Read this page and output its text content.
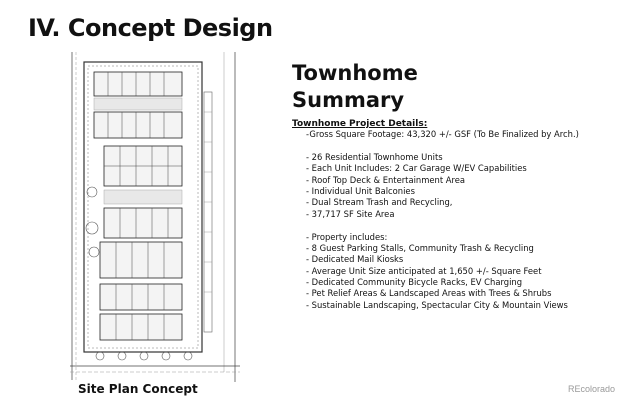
IV. Concept Design
Site Plan Concept
Townhome
Summary
Townhome Project Details:
-Gross Square Footage: 43,320 +/- GSF (To Be Finalized by Arch.)
- 26 Residential Townhome Units
- Each Unit Includes: 2 Car Garage W/EV Capabilities
- Roof Top Deck & Entertainment Area
- Individual Unit Balconies
- Dual Stream Trash and Recycling,
- 37,717 SF Site Area
- Property includes:
- 8 Guest Parking Stalls, Community Trash & Recycling
- Dedicated Mail Kiosks
- Average Unit Size anticipated at 1,650 +/- Square Feet
- Dedicated Community Bicycle Racks, EV Charging
- Pet Relief Areas & Landscaped Areas with Trees & Shrubs
- Sustainable Landscaping, Spectacular City & Mountain Views
REcolorado
